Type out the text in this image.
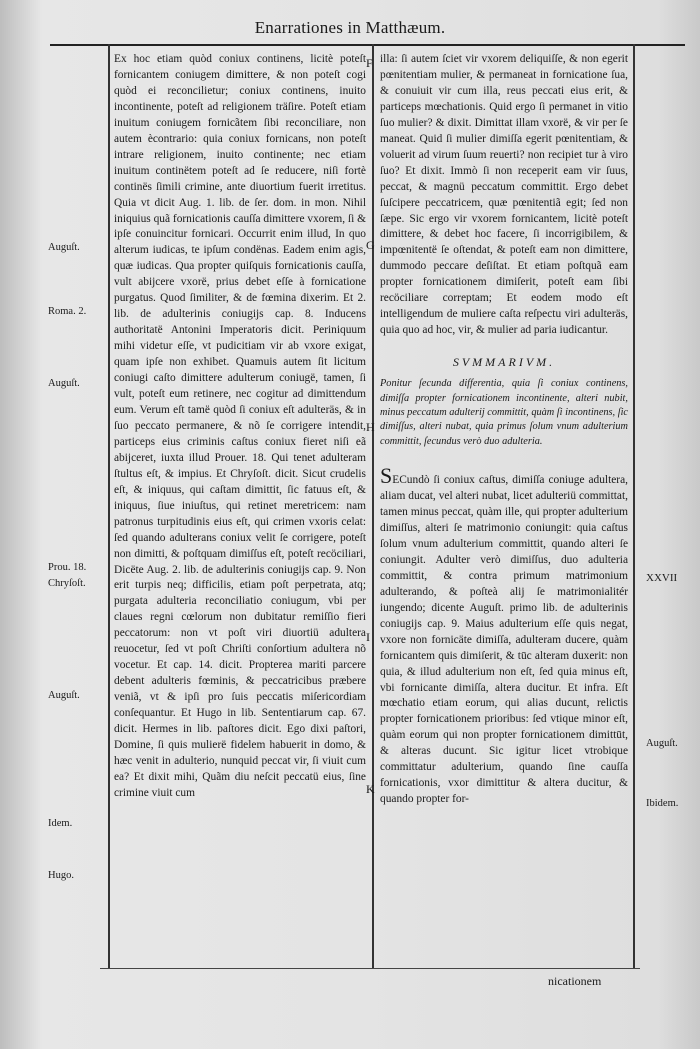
Enarrationes in Matthæum.
Auguſt.
Roma. 2.
Auguſt.
Prou. 18.
Chryſoſt.
Auguſt.
Idem.
Hugo.
XXVII
Auguſt.
Ibidem.
F
G
H
I
K

Ex hoc etiam quòd coniux continens, licitè poteſt fornicantem coniugem dimittere, & non poteſt cogi quòd ei reconcilietur; coniux continens, inuito incontinente, poteſt ad religionem träſire. Poteſt etiam inuitum coniugem fornicãtem ſibi reconciliare, non autem ècontrario: quia coniux fornicans, non poteſt intrare religionem, inuito continente; nec etiam inuitum continëtem poteſt ad ſe reducere, niſi fortè continës ſimili crimine, ante diuortium fuerit irretitus. Quia vt dicit Aug. 1. lib. de ſer. dom. in mon. Nihil iniquius quã fornicationis cauſſa dimittere vxorem, ſi & ipſe conuincitur fornicari. Occurrit enim illud, In quo alterum iudicas, te ipſum condënas. Eadem enim agis, quæ iudicas. Qua propter quiſquis fornicationis cauſſa, vult abijcere vxorë, prius debet eſſe à fornicatione purgatus. Quod ſimiliter, & de fœmina dixerim. Et 2. lib. de adulterinis coniugijs cap. 8. Inducens authoritatë Antonini Imperatoris dicit. Periniquum mihi videtur eſſe, vt pudicitiam vir ab vxore exigat, quam ipſe non exhibet. Quamuis autem ſit licitum coniugi caſto dimittere adulterum coniugë, tamen, ſi vult, poteſt eum retinere, nec cogitur ad dimittendum eum. Verum eſt tamë quòd ſi coniux eſt adulteräs, & in ſuo peccato permanere, & nõ ſe corrigere intendit, particeps eius criminis caſtus coniux fieret niſi eã abijceret, iuxta illud Prouer. 18. Qui tenet adulteram ſtultus eſt, & impius. Et Chryſoſt. dicit. Sicut crudelis eſt, & iniquus, qui caſtam dimittit, ſic fatuus eſt, & iniquus, ſiue iniuſtus, qui retinet meretricem: nam patronus turpitudinis eius eſt, qui crimen vxoris celat: ſed quando adulterans coniux velit ſe corrigere, poteſt non dimitti, & poſtquam dimiſſus eſt, poteſt recöciliari, Dicëte Aug. 2. lib. de adulterinis coniugijs cap. 9. Non erit turpis neq; difficilis, etiam poſt perpetrata, atq; purgata adulteria reconciliatio coniugum, vbi per claues regni cœlorum non dubitatur remiſſio fieri peccatorum: non vt poſt viri diuortiü adultera reuocetur, ſed vt poſt Chriſti conſortium adultera nõ vocetur. Et cap. 14. dicit. Propterea mariti parcere debent adulteris fœminis, & peccatricibus præbere veniã, vt & ipſi pro ſuis peccatis miſericordiam conſequantur. Et Hugo in lib. Sententiarum cap. 67. dicit. Hermes in lib. paſtores dicit. Ego dixi paſtori, Domine, ſi quis mulierë fidelem habuerit in domo, & hæc venit in adulterio, nunquid peccat vir, ſi viuit cum ea? Et dixit mihi, Quãm diu neſcit peccatü eius, ſine crimine viuit cum

illa: ſi autem ſciet vir vxorem deliquiſſe, & non egerit pœnitentiam mulier, & permaneat in fornicatione ſua, & conuiuit vir cum illa, reus peccati eius erit, & particeps mœchationis. Quid ergo ſi permanet in vitio ſuo mulier? & dixit. Dimittat illam vxorë, & vir per ſe maneat. Quid ſi mulier dimiſſa egerit pœnitentiam, & voluerit ad virum ſuum reuerti? non recipiet tur à viro ſuo? Et dixit. Immò ſi non receperit eam vir ſuus, peccat, & magnü peccatum committit. Ergo debet ſuſcipere peccatricem, quæ pœnitentiã egit; ſed non ſæpe. Sic ergo vir vxorem fornicantem, licitè poteſt dimittere, & debet hoc facere, ſi incorrigibilem, & impœnitentë ſe oſtendat, & poteſt eam non dimittere, dummodo peccare deſiſtat. Et etiam poſtquã eam propter fornicationem dimiſerit, poteſt eam ſibi recöciliare correptam; Et eodem modo eſt intelligendum de muliere caſta reſpectu viri adulteräs, quia quo ad hoc, vir, & mulier ad paria iudicantur.

SVMMARIVM.

Ponitur ſecunda differentia, quia ſi coniux continens, dimiſſa propter fornicationem incontinente, alteri nubit, minus peccatum adulterij committit, quàm ſi incontinens, ſic dimiſſus, alteri nubat, quia primus ſolum vnum adulterium committit, ſecundus verò duo adulteria.

SECundò ſi coniux caſtus, dimiſſa coniuge adultera, aliam ducat, vel alteri nubat, licet adulteriü committat, tamen minus peccat, quàm ille, qui propter adulterium dimiſſus, alteri ſe matrimonio coniungit: quia caſtus ſolum vnum adulterium committit, quando alteri ſe coniungit. Adulter verò dimiſſus, duo adulteria committit, & contra primum matrimonium adulterando, & poſteà alij ſe matrimonialitér iungendo; dicente Auguſt. primo lib. de adulterinis coniugijs cap. 9. Maius adulterium eſſe quis negat, vxore non fornicäte dimiſſa, adulteram ducere, quàm fornicantem quis dimiſerit, & tūc alteram duxerit: non quia, & illud adulterium non eſt, ſed quia minus eſt, vbi fornicante dimiſſa, altera ducitur. Et infra. Eſt mœchatio etiam eorum, qui alias ducunt, relictis propter fornicationem prioribus: ſed vtique minor eſt, quàm eorum qui non propter fornicationem dimittūt, & alteras ducunt. Sic igitur licet vtrobique committatur adulterium, quando ſine cauſſa fornicationis, vxor dimittitur & altera ducitur, & quando propter for-

nicationem
